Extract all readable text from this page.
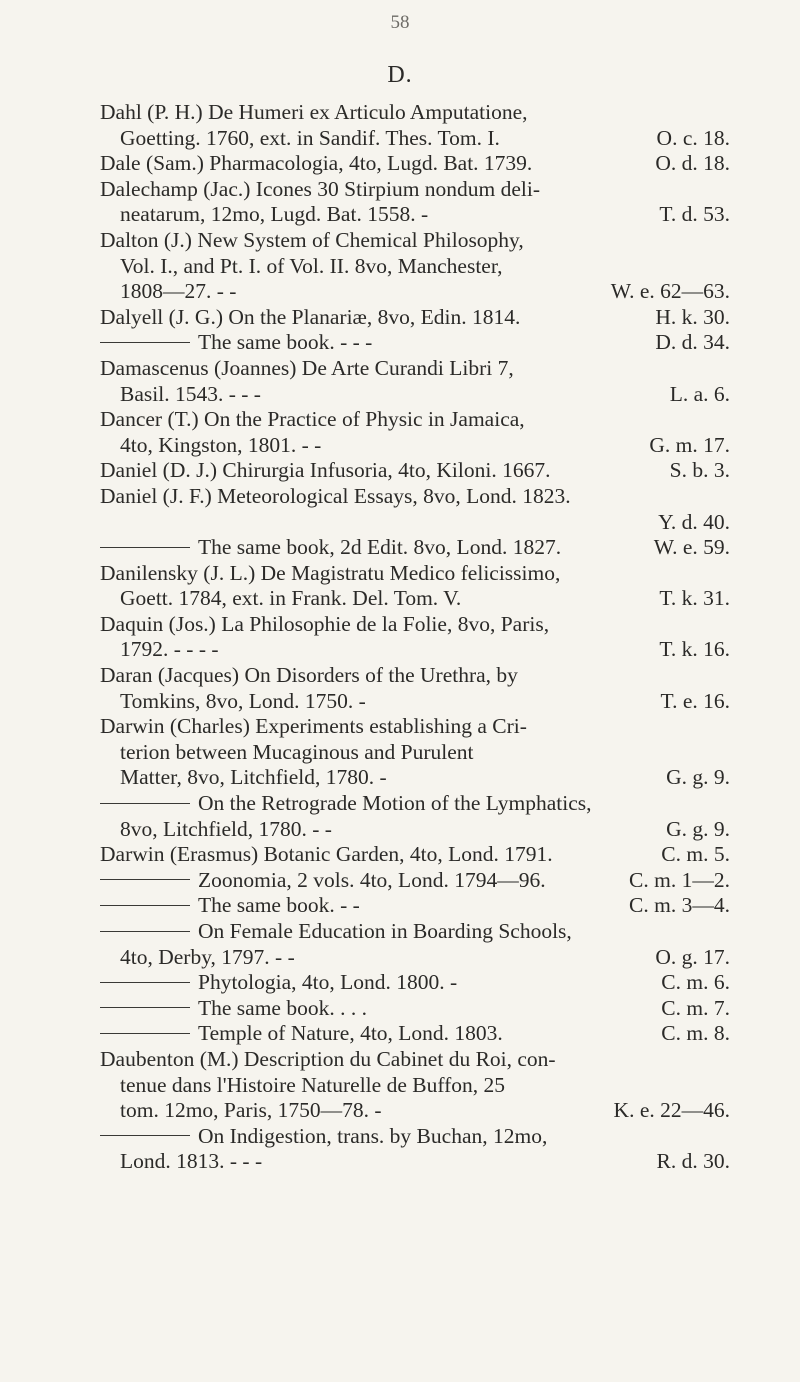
58
D.
Dahl (P. H.) De Humeri ex Articulo Amputatione,
Goetting. 1760, ext. in Sandif. Thes. Tom. I.	O. c. 18.
Dale (Sam.) Pharmacologia, 4to, Lugd. Bat. 1739.	O. d. 18.
Dalechamp (Jac.) Icones 30 Stirpium nondum deli-
neatarum, 12mo, Lugd. Bat. 1558. -	T. d. 53.
Dalton (J.) New System of Chemical Philosophy,
Vol. I., and Pt. I. of Vol. II. 8vo, Manchester,
1808—27. - -	W. e. 62—63.
Dalyell (J. G.) On the Planariæ, 8vo, Edin. 1814.	H. k. 30.
The same book. - - -	D. d. 34.
Damascenus (Joannes) De Arte Curandi Libri 7,
Basil. 1543. - - -	L. a. 6.
Dancer (T.) On the Practice of Physic in Jamaica,
4to, Kingston, 1801. - -	G. m. 17.
Daniel (D. J.) Chirurgia Infusoria, 4to, Kiloni. 1667.	S. b. 3.
Daniel (J. F.) Meteorological Essays, 8vo, Lond. 1823.
Y. d. 40.
The same book, 2d Edit. 8vo, Lond. 1827.	W. e. 59.
Danilensky (J. L.) De Magistratu Medico felicissimo,
Goett. 1784, ext. in Frank. Del. Tom. V.	T. k. 31.
Daquin (Jos.) La Philosophie de la Folie, 8vo, Paris,
1792. - - - -	T. k. 16.
Daran (Jacques) On Disorders of the Urethra, by
Tomkins, 8vo, Lond. 1750. -	T. e. 16.
Darwin (Charles) Experiments establishing a Cri-
terion between Mucaginous and Purulent
Matter, 8vo, Litchfield, 1780. -	G. g. 9.
On the Retrograde Motion of the Lymphatics,
8vo, Litchfield, 1780. - -	G. g. 9.
Darwin (Erasmus) Botanic Garden, 4to, Lond. 1791.	C. m. 5.
Zoonomia, 2 vols. 4to, Lond. 1794—96.	C. m. 1—2.
The same book. - -	C. m. 3—4.
On Female Education in Boarding Schools,
4to, Derby, 1797. - -	O. g. 17.
Phytologia, 4to, Lond. 1800. -	C. m. 6.
The same book. . . .	C. m. 7.
Temple of Nature, 4to, Lond. 1803.	C. m. 8.
Daubenton (M.) Description du Cabinet du Roi, con-
tenue dans l'Histoire Naturelle de Buffon, 25
tom. 12mo, Paris, 1750—78. -	K. e. 22—46.
On Indigestion, trans. by Buchan, 12mo,
Lond. 1813. - - -	R. d. 30.
